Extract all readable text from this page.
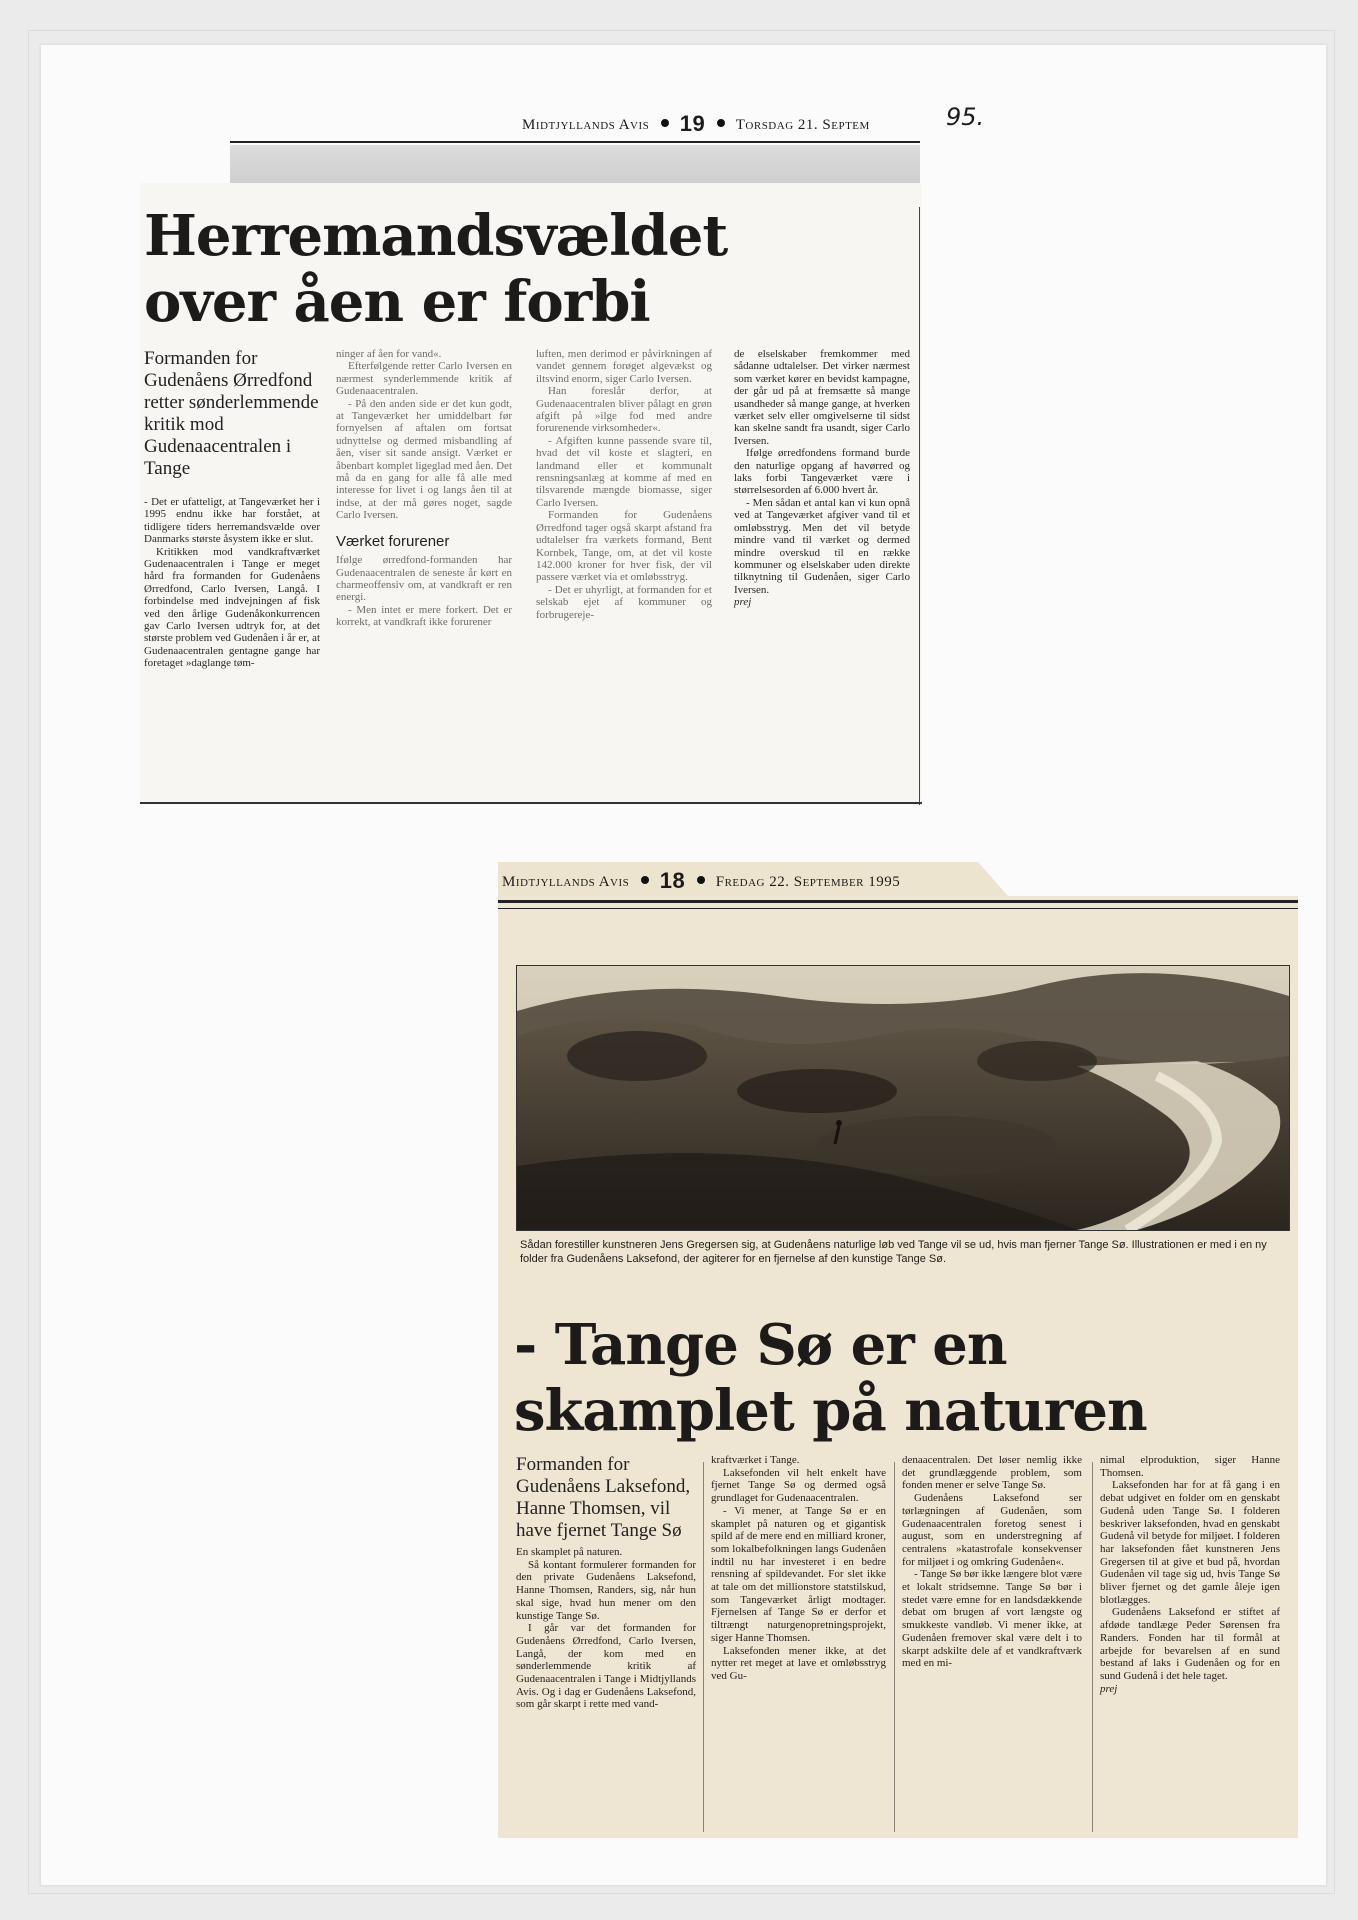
Midtjyllands Avis 19 Torsdag 21. Septem	95.
Herremandsvældet
over åen er forbi

Formanden for Gudenåens Ørredfond retter sønderlemmende kritik mod Gudenaacentralen i Tange

- Det er ufatteligt, at Tangeværket her i 1995 endnu ikke har forstået, at tidligere tiders herremandsvælde over Danmarks største åsystem ikke er slut.

Kritikken mod vandkraftværket Gudenaacentralen i Tange er meget hård fra formanden for Gudenåens Ørredfond, Carlo Iversen, Langå. I forbindelse med indvejningen af fisk ved den årlige Gudenåkonkurrencen gav Carlo Iversen udtryk for, at det største problem ved Gudenåen i år er, at Gudenaacentralen gentagne gange har foretaget »daglange tøm-

ninger af åen for vand«.

Efterfølgende retter Carlo Iversen en nærmest synderlemmende kritik af Gudenaacentralen.

- På den anden side er det kun godt, at Tangeværket her umiddelbart før fornyelsen af aftalen om fortsat udnyttelse og dermed misbandling af åen, viser sit sande ansigt. Værket er åbenbart komplet ligeglad med åen. Det må da en gang for alle få alle med interesse for livet i og langs åen til at indse, at der må gøres noget, sagde Carlo Iversen.

Værket forurener

Ifølge ørredfond-formanden har Gudenaacentralen de seneste år kørt en charmeoffensiv om, at vandkraft er ren energi.

- Men intet er mere forkert. Det er korrekt, at vandkraft ikke forurener

luften, men derimod er påvirkningen af vandet gennem forøget algevækst og iltsvind enorm, siger Carlo Iversen.

Han foreslår derfor, at Gudenaacentralen bliver pålagt en grøn afgift på »ilge fod med andre forurenende virksomheder«.

- Afgiften kunne passende svare til, hvad det vil koste et slagteri, en landmand eller et kommunalt rensningsanlæg at komme af med en tilsvarende mængde biomasse, siger Carlo Iversen.

Formanden for Gudenåens Ørredfond tager også skarpt afstand fra udtalelser fra værkets formand, Bent Kornbek, Tange, om, at det vil koste 142.000 kroner for hver fisk, der vil passere værket via et omløbsstryg.

- Det er uhyrligt, at formanden for et selskab ejet af kommuner og forbrugereje-

de elselskaber fremkommer med sådanne udtalelser. Det virker nærmest som værket kører en bevidst kampagne, der går ud på at fremsætte så mange usandheder så mange gange, at hverken værket selv eller omgivelserne til sidst kan skelne sandt fra usandt, siger Carlo Iversen.

Ifølge ørredfondens formand burde den naturlige opgang af havørred og laks forbi Tangeværket være i størrelsesorden af 6.000 hvert år.

- Men sådan et antal kan vi kun opnå ved at Tangeværket afgiver vand til et omløbsstryg. Men det vil betyde mindre vand til værket og dermed mindre overskud til en række kommuner og elselskaber uden direkte tilknytning til Gudenåen, siger Carlo Iversen.

prej

Midtjyllands Avis 18 Fredag 22. September 1995
Sådan forestiller kunstneren Jens Gregersen sig, at Gudenåens naturlige løb ved Tange vil se ud, hvis man fjerner Tange Sø. Illustrationen er med i en ny folder fra Gudenåens Laksefond, der agiterer for en fjernelse af den kunstige Tange Sø.
- Tange Sø er en
skamplet på naturen

Formanden for Gudenåens Laksefond, Hanne Thomsen, vil have fjernet Tange Sø

En skamplet på naturen.

Så kontant formulerer formanden for den private Gudenåens Laksefond, Hanne Thomsen, Randers, sig, når hun skal sige, hvad hun mener om den kunstige Tange Sø.

I går var det formanden for Gudenåens Ørredfond, Carlo Iversen, Langå, der kom med en sønderlemmende kritik af Gudenaacentralen i Tange i Midtjyllands Avis. Og i dag er Gudenåens Laksefond, som går skarpt i rette med vand-

kraftværket i Tange.

Laksefonden vil helt enkelt have fjernet Tange Sø og dermed også grundlaget for Gudenaacentralen.

- Vi mener, at Tange Sø er en skamplet på naturen og et gigantisk spild af de mere end en milliard kroner, som lokalbefolkningen langs Gudenåen indtil nu har investeret i en bedre rensning af spildevandet. For slet ikke at tale om det millionstore statstilskud, som Tangeværket årligt modtager. Fjernelsen af Tange Sø er derfor et tiltrængt naturgenopretningsprojekt, siger Hanne Thomsen.

Laksefonden mener ikke, at det nytter ret meget at lave et omløbsstryg ved Gu-

denaacentralen. Det løser nemlig ikke det grundlæggende problem, som fonden mener er selve Tange Sø.

Gudenåens Laksefond ser tørlægningen af Gudenåen, som Gudenaacentralen foretog senest i august, som en understregning af centralens »katastrofale konsekvenser for miljøet i og omkring Gudenåen«.

- Tange Sø bør ikke længere blot være et lokalt stridsemne. Tange Sø bør i stedet være emne for en landsdækkende debat om brugen af vort længste og smukkeste vandløb. Vi mener ikke, at Gudenåen fremover skal være delt i to skarpt adskilte dele af et vandkraftværk med en mi-

nimal elproduktion, siger Hanne Thomsen.

Laksefonden har for at få gang i en debat udgivet en folder om en genskabt Gudenå uden Tange Sø. I folderen beskriver laksefonden, hvad en genskabt Gudenå vil betyde for miljøet. I folderen har laksefonden fået kunstneren Jens Gregersen til at give et bud på, hvordan Gudenåen vil tage sig ud, hvis Tange Sø bliver fjernet og det gamle åleje igen blotlægges.

Gudenåens Laksefond er stiftet af afdøde tandlæge Peder Sørensen fra Randers. Fonden har til formål at arbejde for bevarelsen af en sund bestand af laks i Gudenåen og for en sund Gudenå i det hele taget.

prej
